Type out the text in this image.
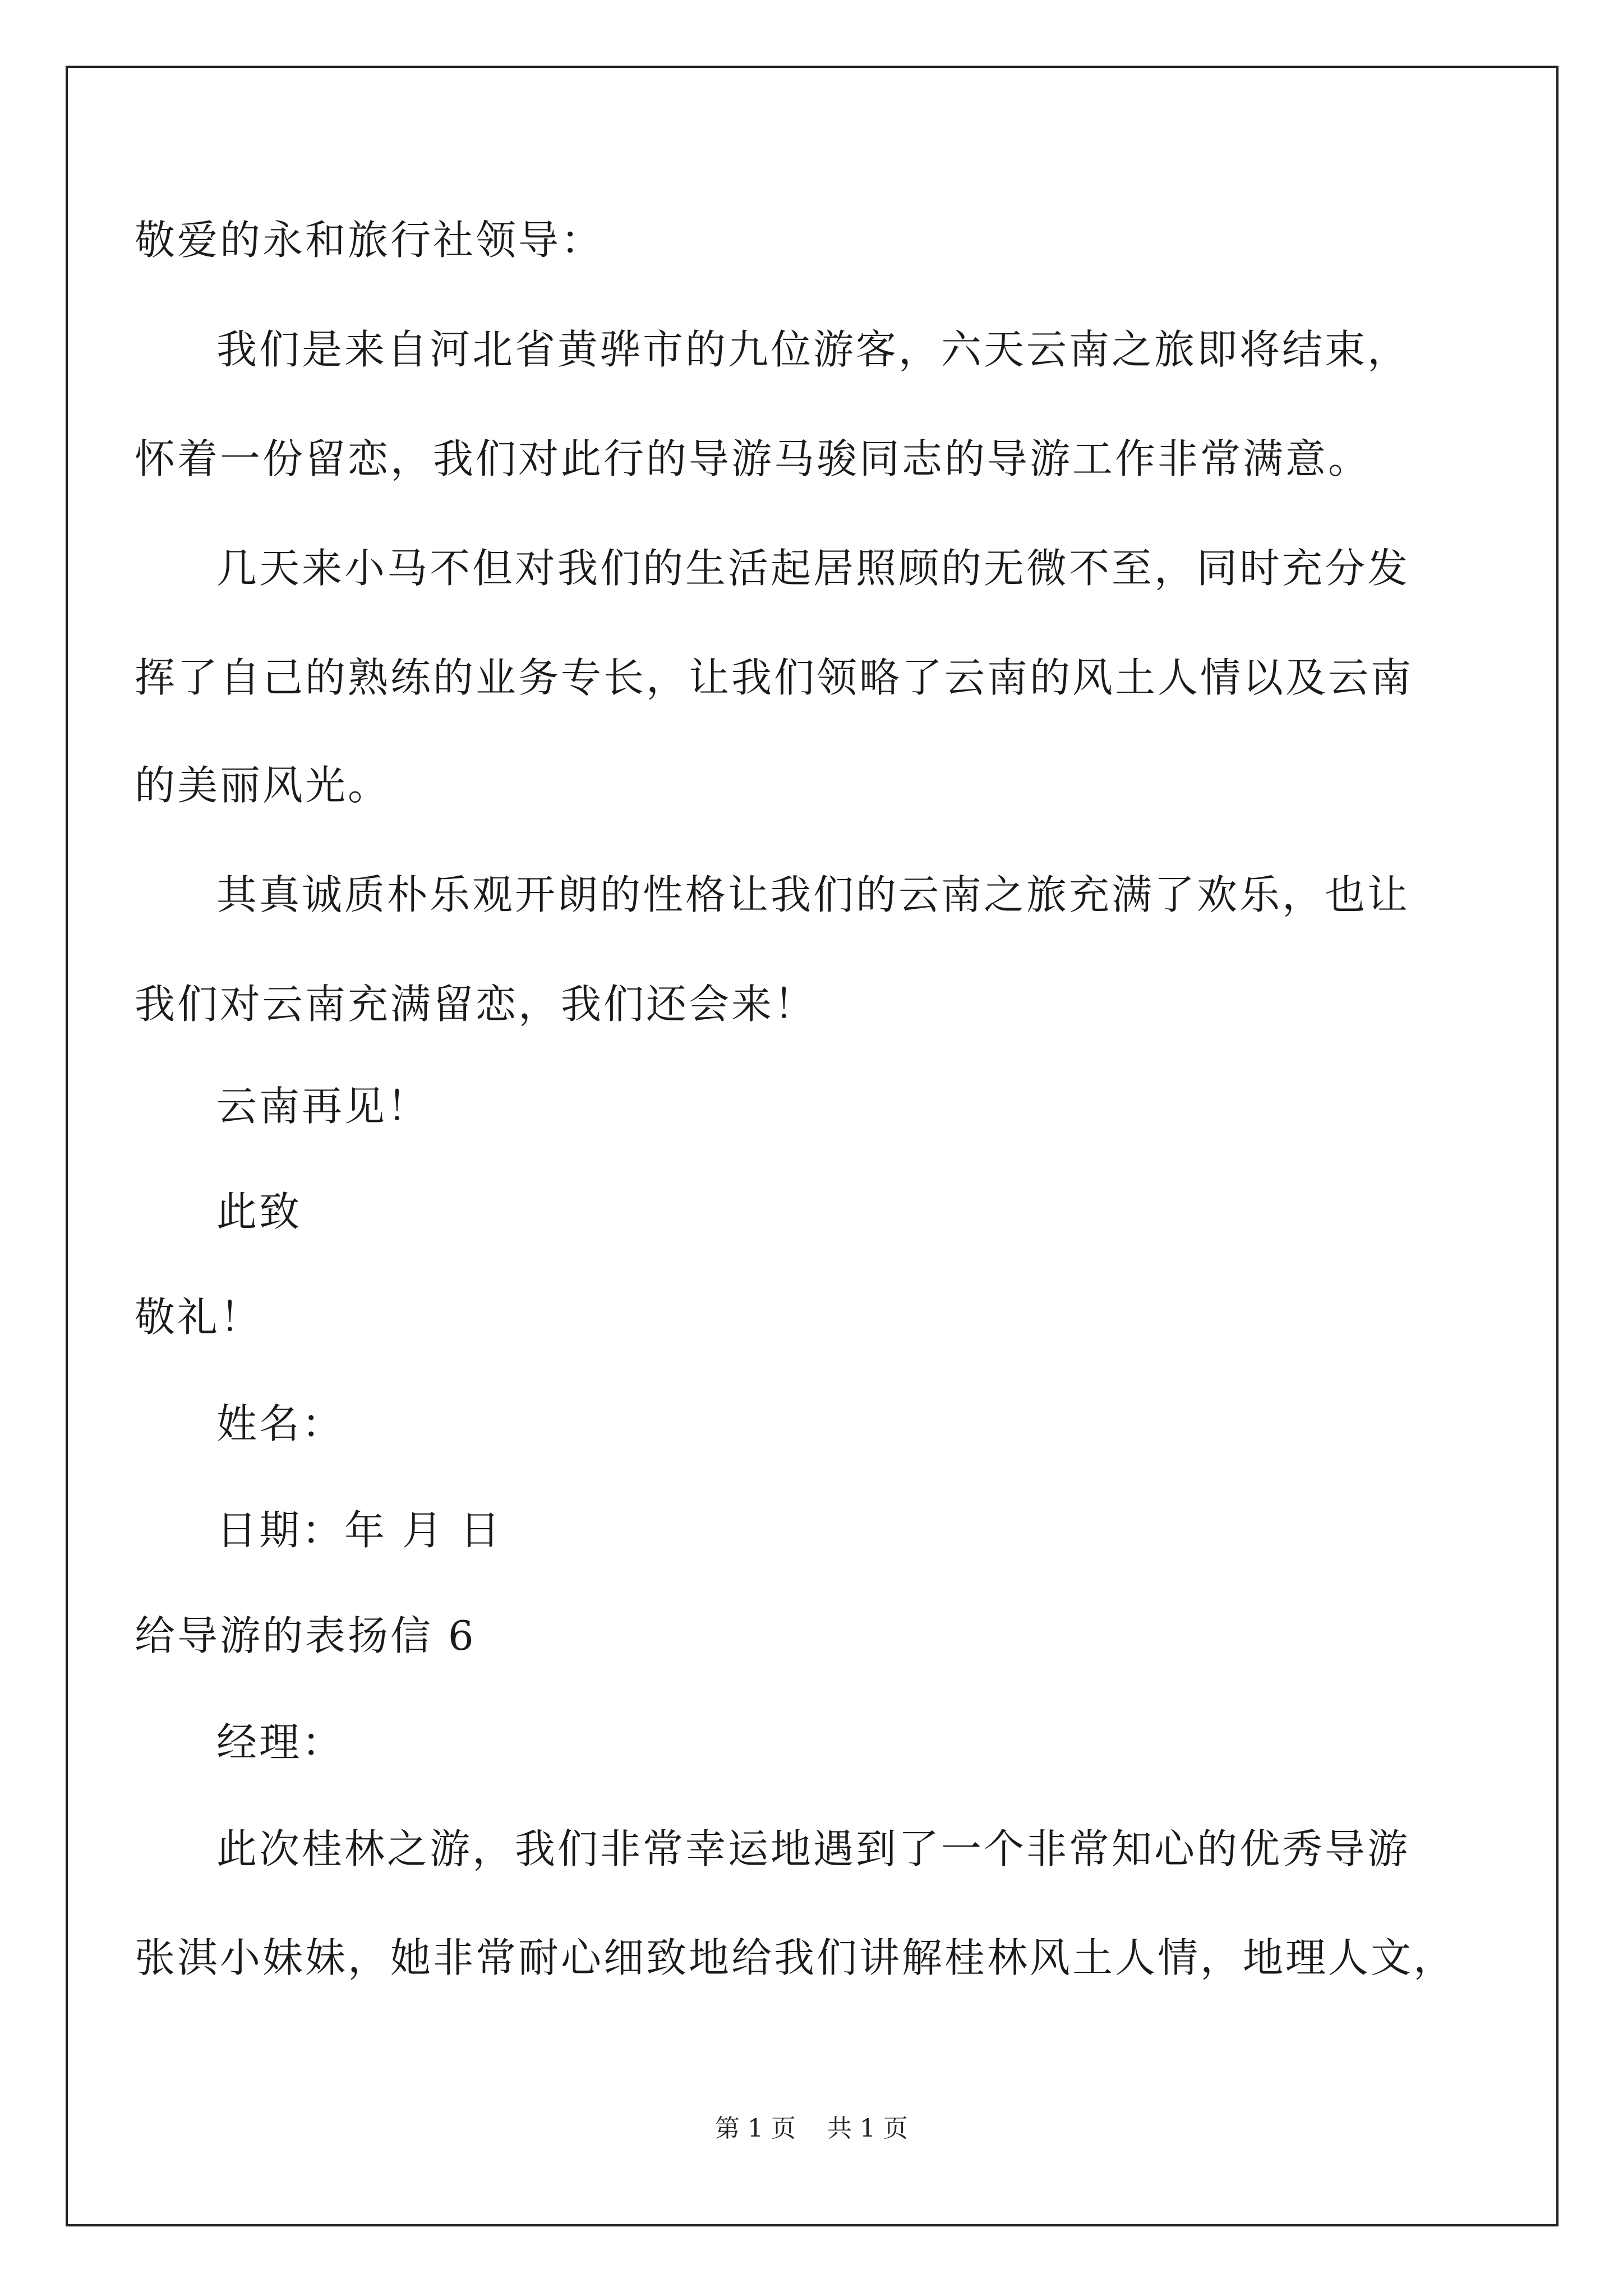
敬爱的永和旅行社领导：
我们是来自河北省黄骅市的九位游客，六天云南之旅即将结束，
怀着一份留恋，我们对此行的导游马骏同志的导游工作非常满意。
几天来小马不但对我们的生活起居照顾的无微不至，同时充分发
挥了自己的熟练的业务专长，让我们领略了云南的风土人情以及云南
的美丽风光。
其真诚质朴乐观开朗的性格让我们的云南之旅充满了欢乐，也让
我们对云南充满留恋，我们还会来！
云南再见！
此致
敬礼！
姓名：
日期：年 月 日
给导游的表扬信 6
经理：
此次桂林之游，我们非常幸运地遇到了一个非常知心的优秀导游
张淇小妹妹，她非常耐心细致地给我们讲解桂林风土人情，地理人文，
第 1 页    共 1 页
